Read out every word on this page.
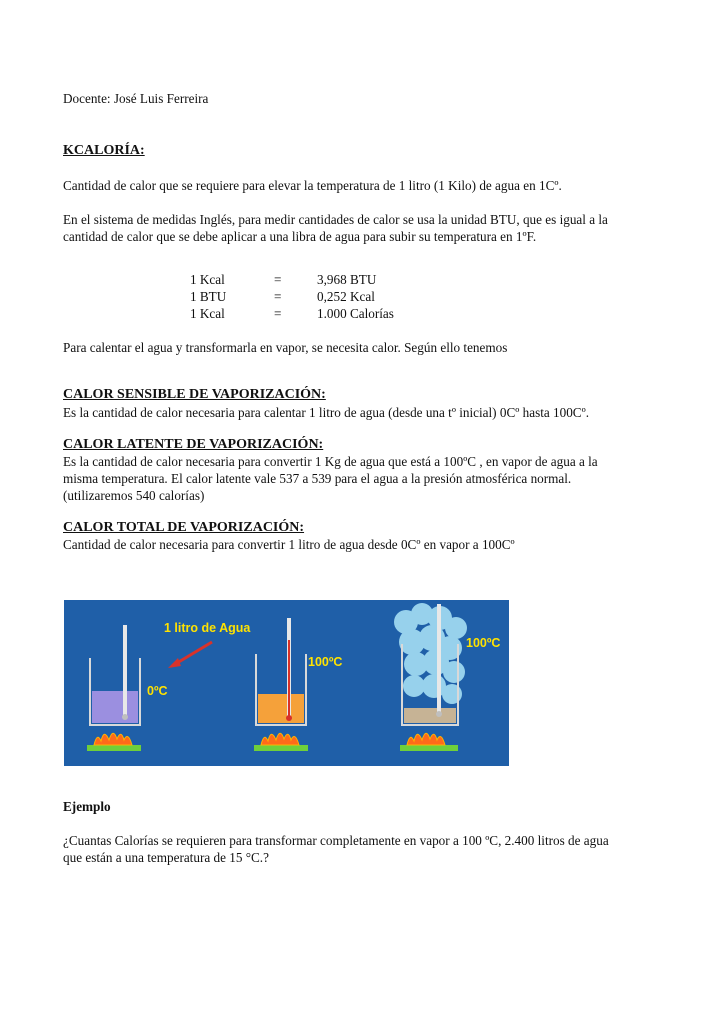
Docente: José Luis Ferreira
KCALORÍA:
Cantidad de calor que se requiere para elevar la temperatura de 1 litro (1 Kilo) de agua en 1Cº.
En el sistema de medidas Inglés, para medir cantidades de calor se usa la unidad BTU, que es igual a la
cantidad de calor que se debe aplicar a una libra de agua para subir su temperatura en 1ºF.
1 Kcal	=	3,968 BTU
1 BTU	=	0,252 Kcal
1 Kcal	=	1.000 Calorías
Para calentar el agua y transformarla en vapor, se necesita calor. Según ello tenemos
CALOR SENSIBLE DE VAPORIZACIÓN:
Es la cantidad de calor necesaria para calentar 1 litro de agua (desde una tº inicial) 0Cº hasta 100Cº.
CALOR LATENTE DE VAPORIZACIÓN:
Es la cantidad de calor necesaria para convertir 1 Kg de agua que está a 100ºC , en vapor de agua a la
misma temperatura. El calor latente vale 537 a 539 para el agua a la presión atmosférica normal.
(utilizaremos 540 calorías)
CALOR TOTAL DE VAPORIZACIÓN:
Cantidad de calor necesaria para convertir 1 litro de agua desde 0Cº en vapor a 100Cº
1 litro de Agua
0ºC
100ºC
100ºC
Ejemplo
¿Cuantas Calorías se requieren para transformar completamente en vapor a 100 ºC, 2.400 litros de agua
que están a una temperatura de 15 °C.?
